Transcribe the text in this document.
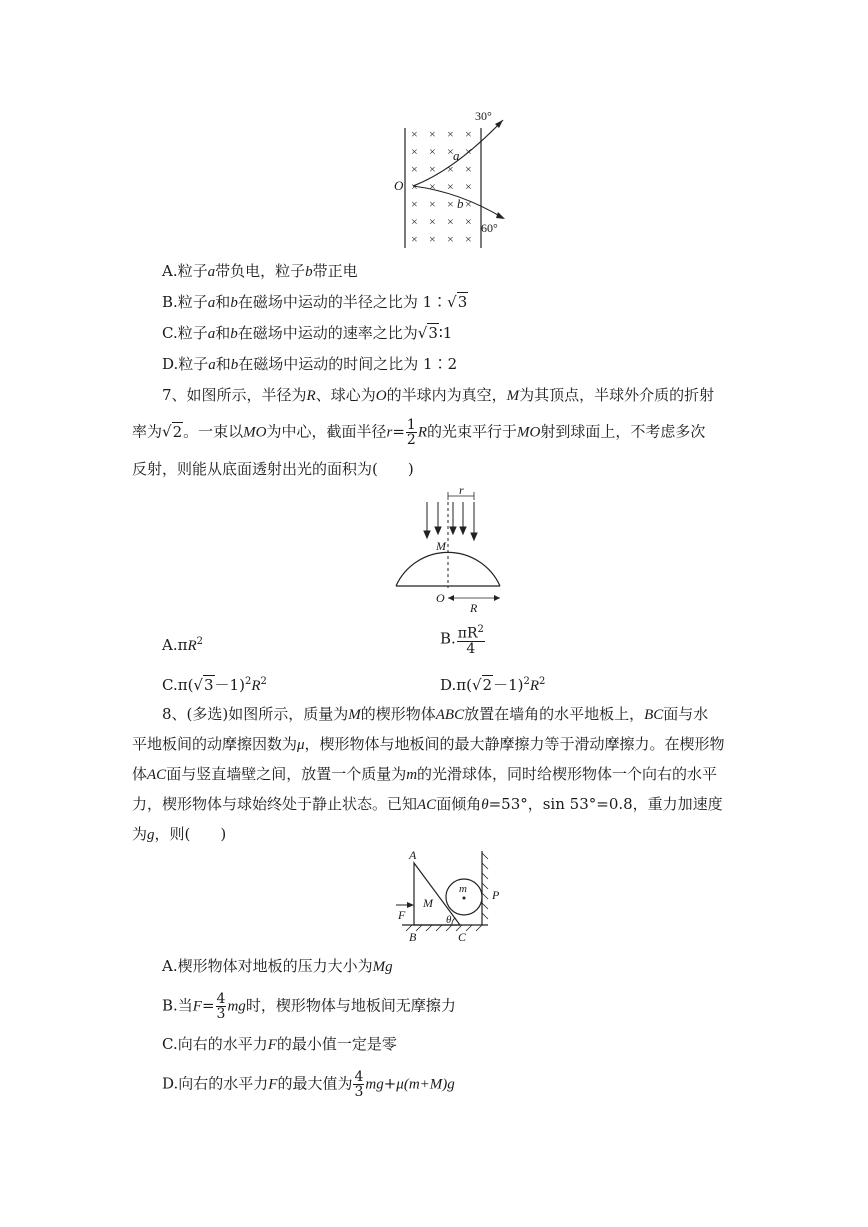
× × × ×
× × × ×
× × × ×
× × × ×
× × × ×
× × × ×
× × × ×
O
a
b
30°
60°
A.粒子a带负电，粒子b带正电
B.粒子a和b在磁场中运动的半径之比为 1∶√3
C.粒子a和b在磁场中运动的速率之比为√3∶1
D.粒子a和b在磁场中运动的时间之比为 1∶2
7、如图所示，半径为R、球心为O的半球内为真空，M为其顶点，半球外介质的折射
率为√2。一束以MO为中心，截面半径$r= \frac{1}{2}$ R的光束平行于MO射到球面上，不考虑多次
反射，则能从底面透射出光的面积为(　　)
r
M
O
R
$A.\pi R^2$	B. $\frac{\pi R^2}{4}$
$C.\pi(√3-1)^2R^2$	$D.\pi(√2-1)^2R^2$
8、(多选)如图所示，质量为M的楔形物体ABC放置在墙角的水平地板上，BC面与水
平地板间的动摩擦因数为μ，楔形物体与地板间的最大静摩擦力等于滑动摩擦力。在楔形物
体AC面与竖直墙壁之间，放置一个质量为m的光滑球体，同时给楔形物体一个向右的水平
力，楔形物体与球始终处于静止状态。已知AC面倾角θ=53°，sin 53°=0.8，重力加速度
为g，则(　　)
A
B	C
F
M
m P
θ
A.楔形物体对地板的压力大小为Mg
B.当$F= \frac{4}{3}$ mg时，楔形物体与地板间无摩擦力
C.向右的水平力F的最小值一定是零
D.向右的水平力F的最大值为 $\frac{4}{3} mg+\mu(m+M)g$
